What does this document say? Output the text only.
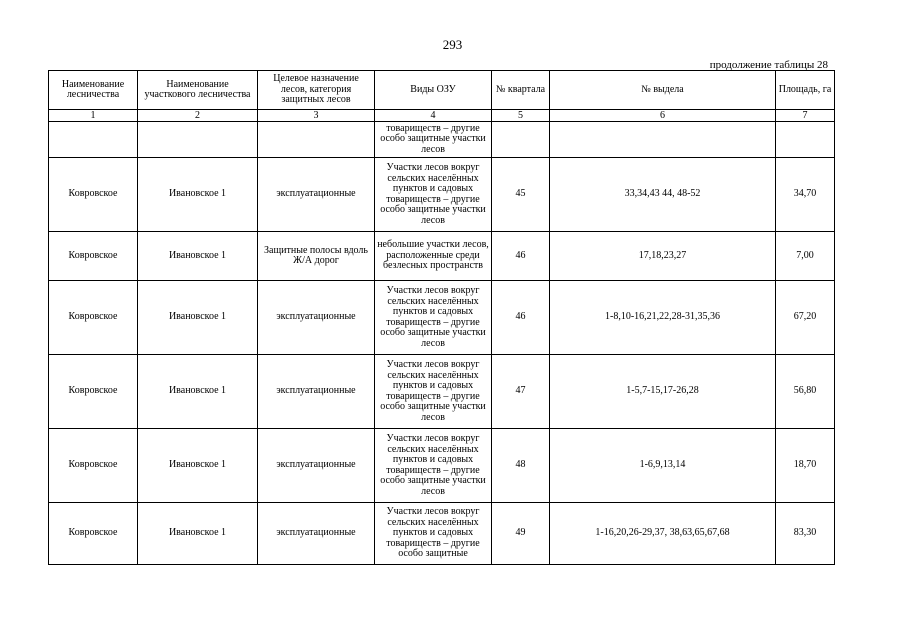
293
продолжение таблицы 28
Наименование лесничества	Наименование участкового лесничества	Целевое назначение лесов, категория защитных лесов	Виды ОЗУ	№ квартала	№ выдела	Площадь, га
1	2	3	4	5	6	7
			товариществ – другие особо защитные участки лесов			
Ковровское	Ивановское 1	эксплуатационные	Участки лесов вокруг сельских населённых пунктов и садовых товариществ – другие особо защитные участки лесов	45	33,34,43 44, 48-52	34,70
Ковровское	Ивановское 1	Защитные полосы вдоль Ж/А дорог	небольшие участки лесов, расположенные среди безлесных пространств	46	17,18,23,27	7,00
Ковровское	Ивановское 1	эксплуатационные	Участки лесов вокруг сельских населённых пунктов и садовых товариществ – другие особо защитные участки лесов	46	1-8,10-16,21,22,28-31,35,36	67,20
Ковровское	Ивановское 1	эксплуатационные	Участки лесов вокруг сельских населённых пунктов и садовых товариществ – другие особо защитные участки лесов	47	1-5,7-15,17-26,28	56,80
Ковровское	Ивановское 1	эксплуатационные	Участки лесов вокруг сельских населённых пунктов и садовых товариществ – другие особо защитные участки лесов	48	1-6,9,13,14	18,70
Ковровское	Ивановское 1	эксплуатационные	Участки лесов вокруг сельских населённых пунктов и садовых товариществ – другие особо защитные	49	1-16,20,26-29,37, 38,63,65,67,68	83,30
